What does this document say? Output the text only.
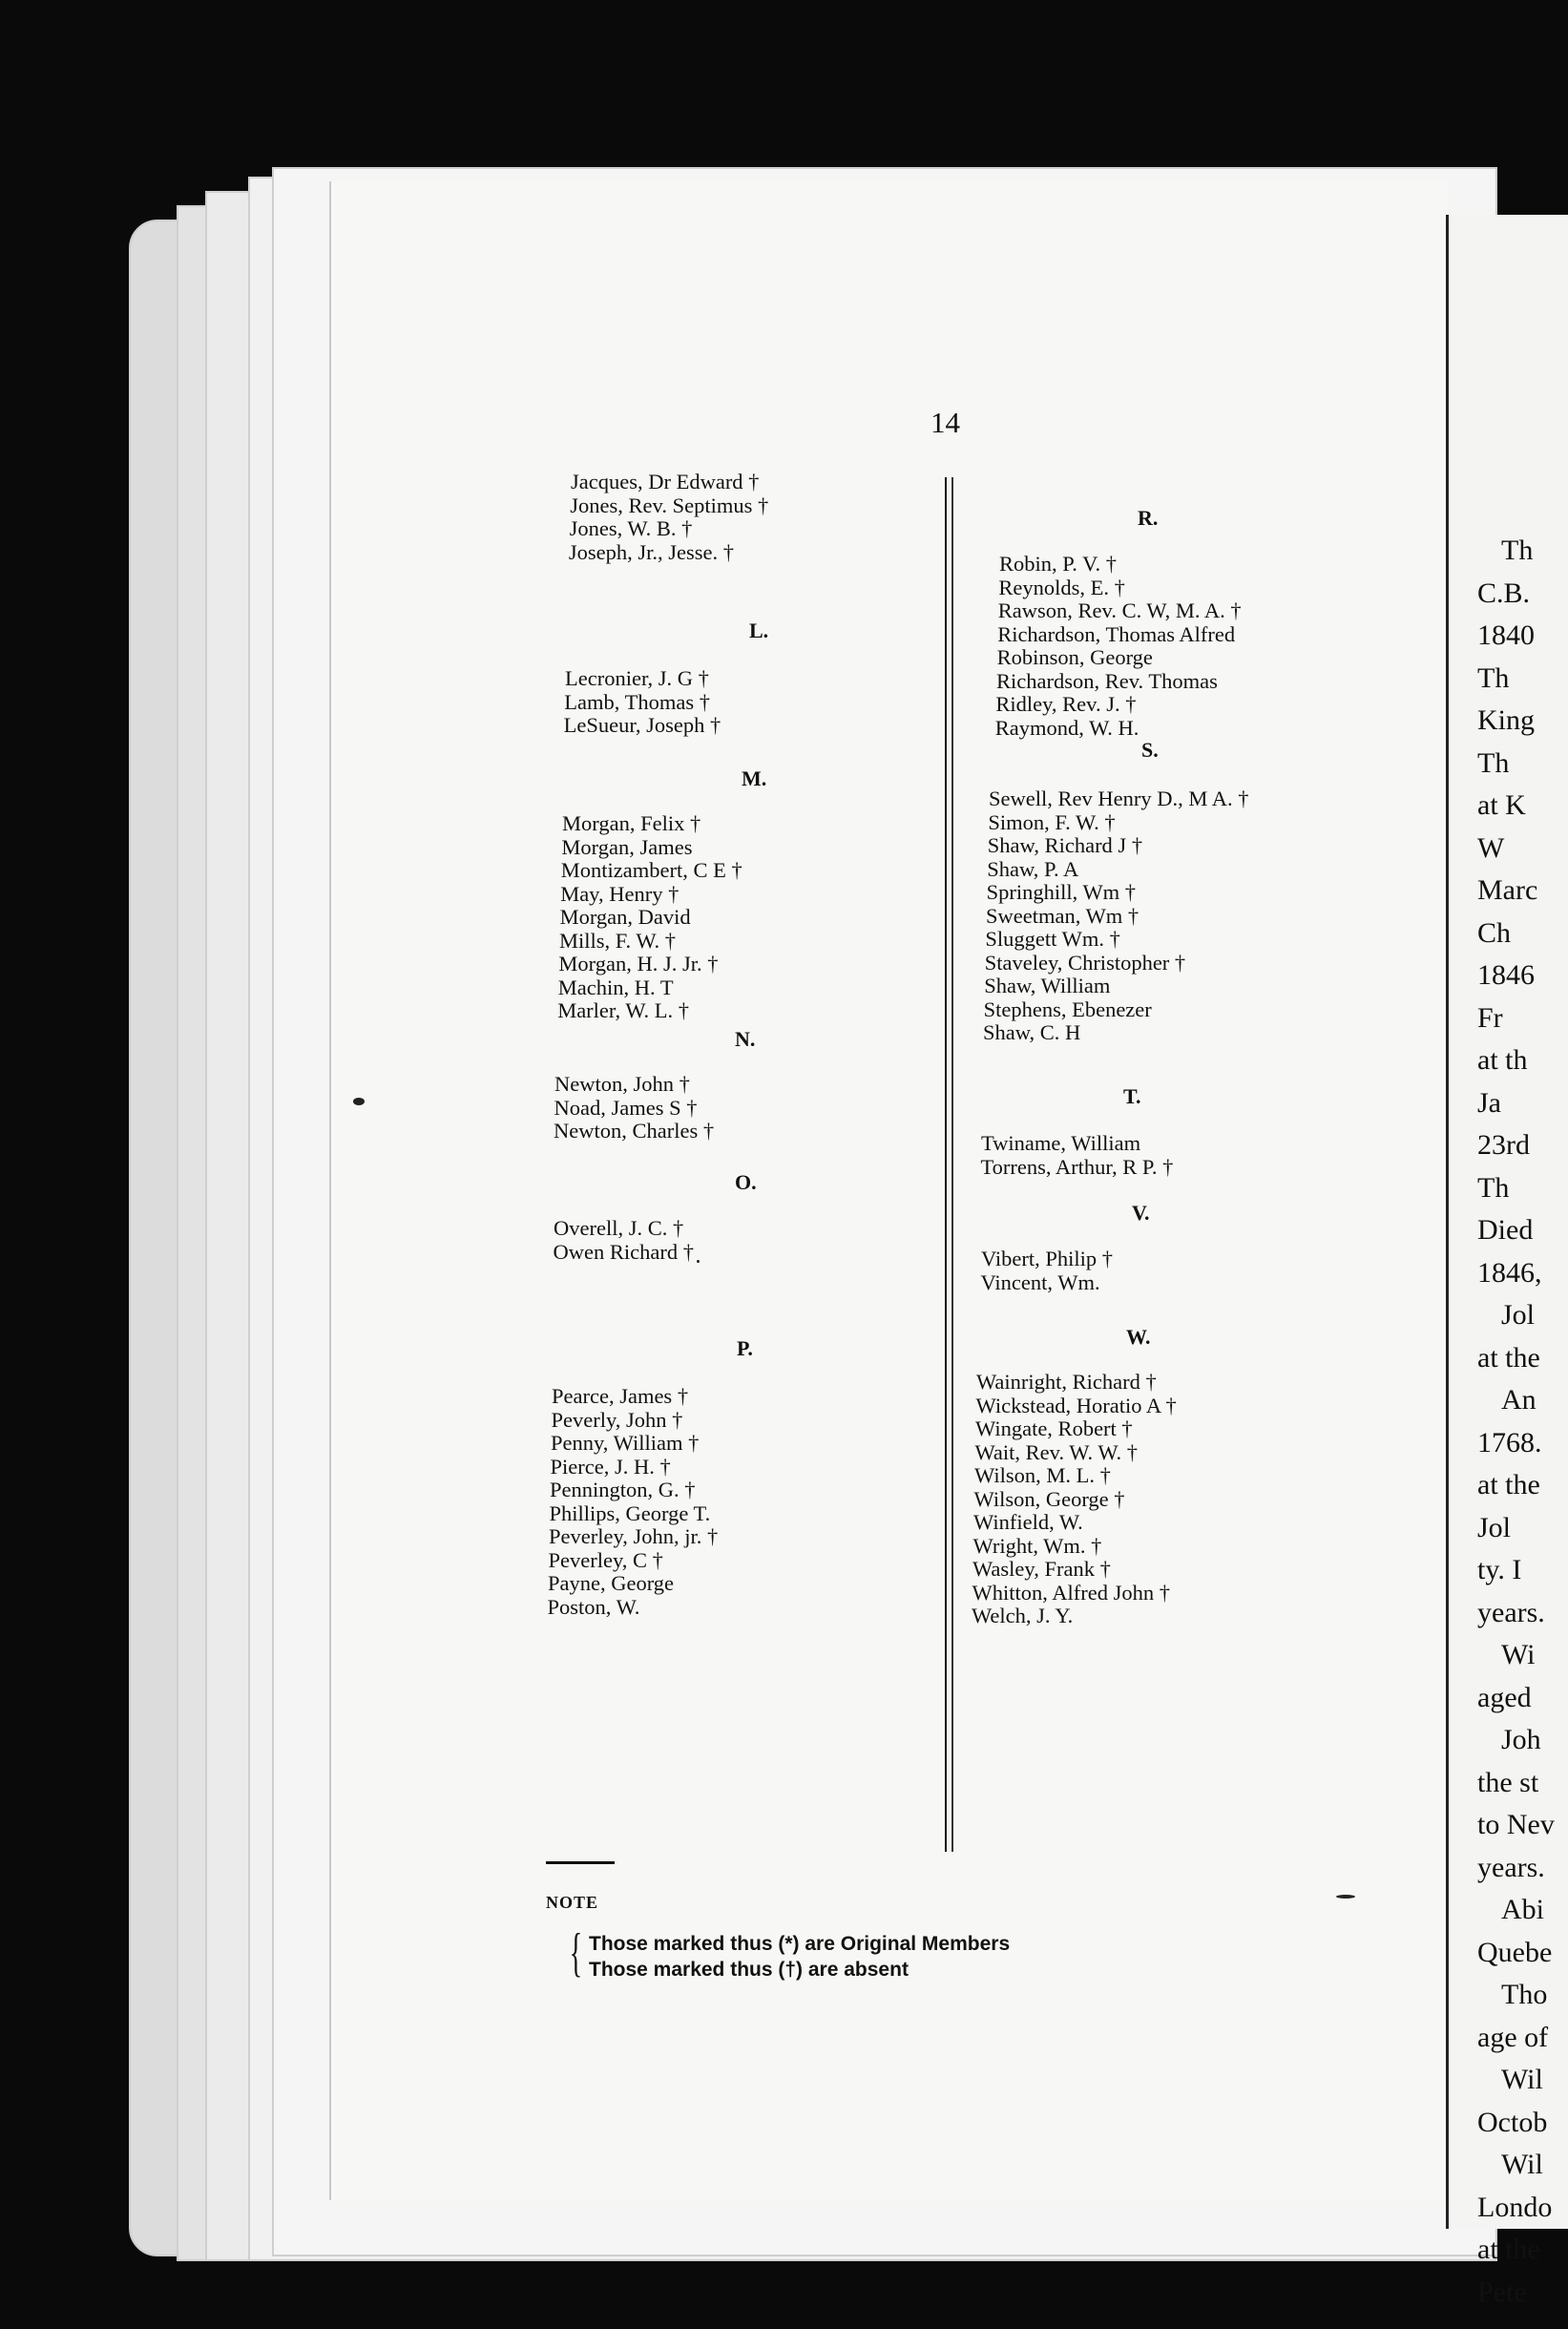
14
Jacques, Dr Edward †
Jones, Rev. Septimus †
Jones, W. B. †
Joseph, Jr., Jesse. †
L.
Lecronier, J. G †
Lamb, Thomas †
LeSueur, Joseph †
M.
Morgan, Felix †
Morgan, James
Montizambert, C E †
May, Henry †
Morgan, David
Mills, F. W. †
Morgan, H. J. Jr. †
Machin, H. T
Marler, W. L. †
N.
Newton, John †
Noad, James S †
Newton, Charles †
O.
Overell, J. C. †
Owen Richard †
P.
Pearce, James †
Peverly, John †
Penny, William †
Pierce, J. H. †
Pennington, G. †
Phillips, George T.
Peverley, John, jr. †
Peverley, C †
Payne, George
Poston, W.
R.
Robin, P. V. †
Reynolds, E. †
Rawson, Rev. C. W, M. A. †
Richardson, Thomas Alfred
Robinson, George
Richardson, Rev. Thomas
Ridley, Rev. J. †
Raymond, W. H.
S.
Sewell, Rev Henry D., M A. †
Simon, F. W. †
Shaw, Richard J †
Shaw, P. A
Springhill, Wm †
Sweetman, Wm †
Sluggett Wm. †
Staveley, Christopher †
Shaw, William
Stephens, Ebenezer
Shaw, C. H
T.
Twiname, William
Torrens, Arthur, R P. †
V.
Vibert, Philip †
Vincent, Wm.
W.
Wainright, Richard †
Wickstead, Horatio A †
Wingate, Robert †
Wait, Rev. W. W. †
Wilson, M. L. †
Wilson, George †
Winfield, W.
Wright, Wm. †
Wasley, Frank †
Whitton, Alfred John †
Welch, J. Y.
NOTE
{ Those marked thus (*) are Original Members
Those marked thus (†) are absent
Th
C.B.
1840
Th
King
Th
at K
W
Marc
Ch
1846
Fr
at th
Ja
23rd
Th
Died
1846,
Jol
at the
An
1768.
at the
Jol
ty. I
years.
Wi
aged
Joh
the st
to Nev
years.
Abi
Quebe
Tho
age of
Wil
Octob
Wil
Londo
at the
Pete
